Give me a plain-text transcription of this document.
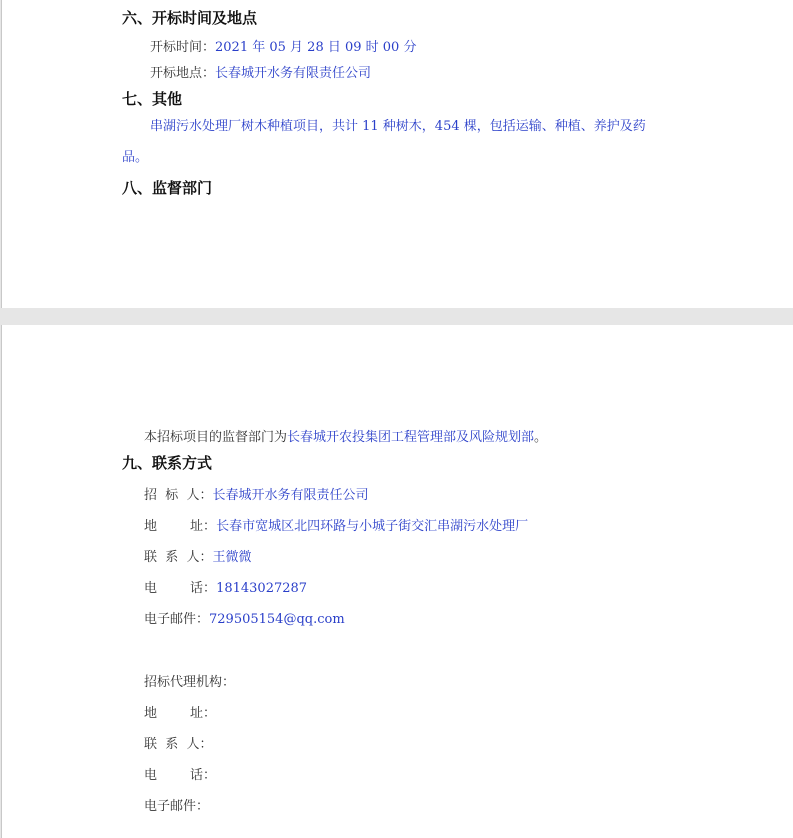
六、开标时间及地点
开标时间：2021 年 05 月 28 日 09 时 00 分
开标地点：长春城开水务有限责任公司
七、其他
串湖污水处理厂树木种植项目，共计 11 种树木，454 棵，包括运输、种植、养护及药
品。
八、监督部门
本招标项目的监督部门为长春城开农投集团工程管理部及风险规划部。
九、联系方式
招  标  人：长春城开水务有限责任公司
地        址：长春市宽城区北四环路与小城子街交汇串湖污水处理厂
联  系  人：王微微
电        话：18143027287
电子邮件：729505154@qq.com
招标代理机构：
地        址：
联  系  人：
电        话：
电子邮件：
